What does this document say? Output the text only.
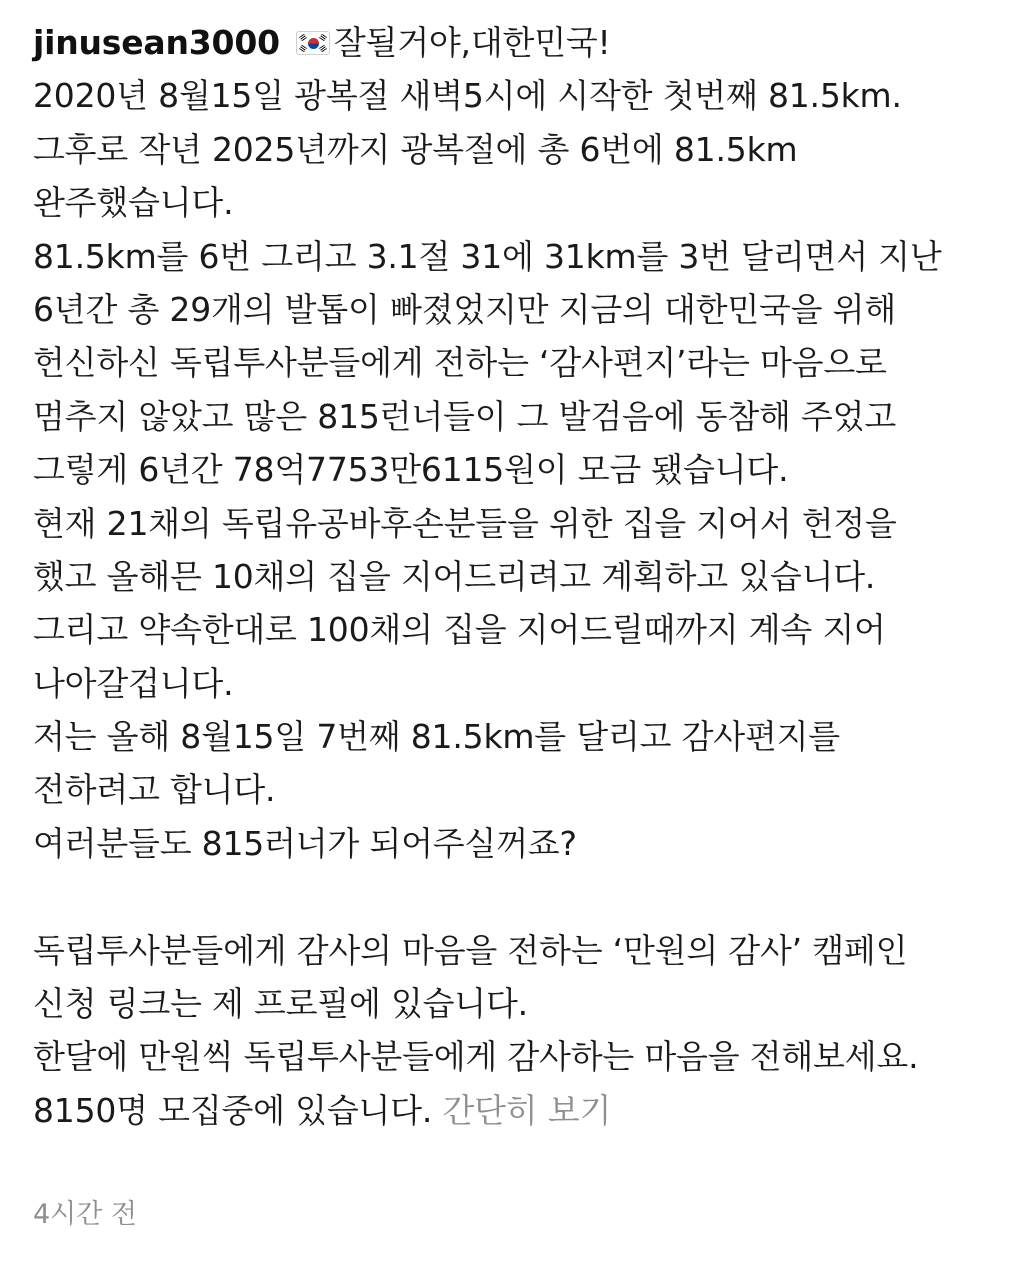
jinusean3000 잘될거야,대한민국!
2020년 8월15일 광복절 새벽5시에 시작한 첫번째 81.5km.
그후로 작년 2025년까지 광복절에 총 6번에 81.5km
완주했습니다.
81.5km를 6번 그리고 3.1절 31에 31km를 3번 달리면서 지난
6년간 총 29개의 발톱이 빠졌었지만 지금의 대한민국을 위해
헌신하신 독립투사분들에게 전하는 ‘감사편지’라는 마음으로
멈추지 않았고 많은 815런너들이 그 발검음에 동참해 주었고
그렇게 6년간 78억7753만6115원이 모금 됐습니다.
현재 21채의 독립유공바후손분들을 위한 집을 지어서 헌정을
했고 올해믄 10채의 집을 지어드리려고 계획하고 있습니다.
그리고 약속한대로 100채의 집을 지어드릴때까지 계속 지어
나아갈겁니다.
저는 올해 8월15일 7번째 81.5km를 달리고 감사편지를
전하려고 합니다.
여러분들도 815러너가 되어주실꺼죠?
독립투사분들에게 감사의 마음을 전하는 ‘만원의 감사’ 캠페인
신청 링크는 제 프로필에 있습니다.
한달에 만원씩 독립투사분들에게 감사하는 마음을 전해보세요.
8150명 모집중에 있습니다. 간단히 보기
4시간 전
